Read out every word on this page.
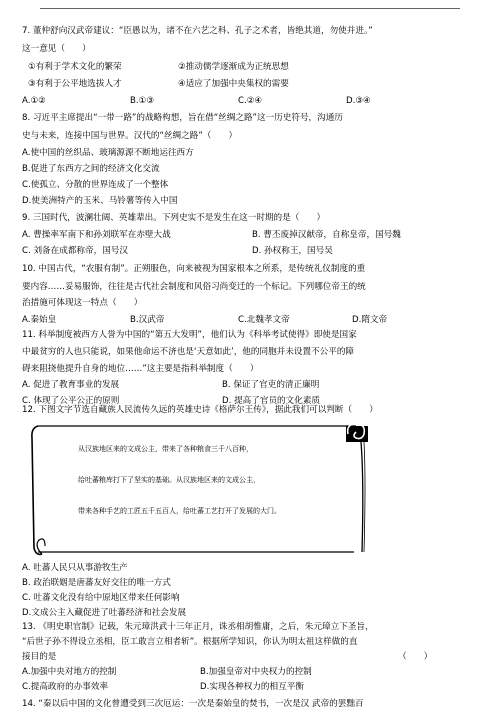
7. 董仲舒向汉武帝建议：“臣愚以为，诸不在六艺之科、孔子之术者，皆绝其道，勿使并进。”
这一意见（　　）
①有利于学术文化的繁荣	②推动儒学逐渐成为正统思想
③有利于公平地选拔人才	④适应了加强中央集权的需要
A.①②	B.①③	C.②④	D.③④
8. 习近平主席提出“一带一路”的战略构想，旨在借“丝绸之路”这一历史符号，沟通历
史与未来，连接中国与世界。汉代的“丝绸之路”（　　）
A.使中国的丝织品、玻璃源源不断地运往西方
B.促进了东西方之间的经济文化交流
C.使孤立、分散的世界连成了一个整体
D.使美洲特产的玉米、马铃薯等传入中国
9. 三国时代，波澜壮阔、英雄辈出。下列史实不是发生在这一时期的是（　　）
A. 曹操率军南下和孙刘联军在赤壁大战	B. 曹丕废掉汉献帝，自称皇帝，国号魏
C. 刘备在成都称帝，国号汉	D. 孙权称王，国号吴
10. 中国古代，“农服有制”。正朔服色，向来被视为国家根本之所系，是传统礼仪制度的重
要内容……妥易服饰，往往是古代社会制度和风俗习尚变迁的一个标记。下列哪位帝王的统
治措施可体现这一特点（　　）
A.秦始皇	B.汉武帝	C.北魏孝文帝	D.隋文帝
11. 科举制度被西方人誉为中国的“第五大发明”，他们认为《科举考试使得》即使是国家
中最贫穷的人也只能说，如果他命运不济也是‘天意如此’，他的同胞并未设置不公平的障
碍来阻挠他提升自身的地位……”这主要是指科举制度（　　）
A. 促进了教育事业的发展	B. 保证了官吏的清正廉明
C. 体现了公平公正的原则	D. 提高了官员的文化素质
12. 下图文字节选自藏族人民流传久远的英雄史诗《格萨尔王传》，据此我们可以判断（　　）
从汉族地区来的文成公主，带来了各种粮食三千八百种，
给吐蕃粮库打下了坚实的基础。从汉族地区来的文成公主，
带来各种手艺的工匠五千五百人，给吐蕃工艺打开了发展的大门。
A. 吐蕃人民只从事游牧生产
B. 政治联姻是唐蕃友好交往的唯一方式
C. 吐蕃文化没有给中原地区带来任何影响
D.文成公主入藏促进了吐蕃经济和社会发展
13. 《明史职官制》记载，朱元璋洪武十三年正月，诛丞相胡惟庸，之后，朱元璋立下圣旨，
“后世子孙不得设立丞相，臣工敢言立相者斩”。根据所学知识，你认为明太祖这样做的直
接目的是	（　　）
A.加强中央对地方的控制	B.加强皇帝对中央权力的控制
C.提高政府的办事效率	D.实现各种权力的相互平衡
14. “秦以后中国的文化曾遭受到三次厄运：一次是秦始皇的焚书，一次是汉 武帝的罢黜百
